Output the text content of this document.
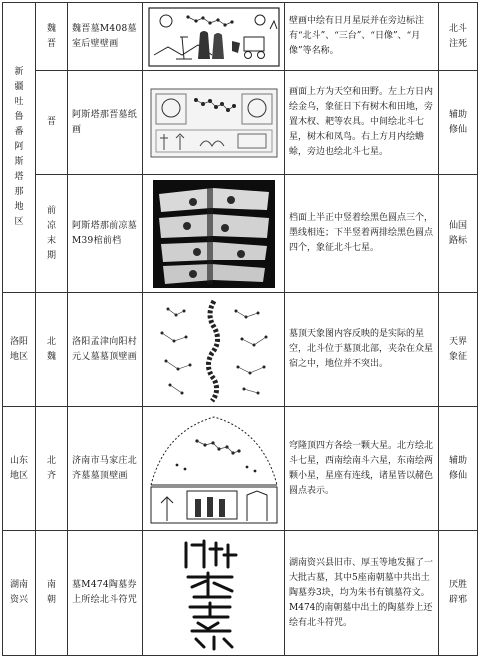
新疆吐鲁番阿斯塔那地区	魏晋	魏晋墓M408墓室后壁壁画		壁画中绘有日月星辰并在旁边标注有“北斗”、“三台”、“日像”、“月像”等名称。	北斗注死
	晋	阿斯塔那晋墓纸画		画面上方为天空和田野。左上方日内绘金乌，象征日下有树木和田地，旁置木杈、耙等农具。中间绘北斗七星，树木和凤鸟。右上方月内绘蟾蜍，旁边也绘北斗七星。	辅助修仙
	前凉末期	阿斯塔那前凉墓M39棺前档		档面上半正中竖着绘黑色圆点三个，墨线相连；下半竖着两排绘黑色圆点四个，象征北斗七星。	仙国路标
洛阳地区	北魏	洛阳孟津向阳村元乂墓墓顶壁画		墓顶天象图内容反映的是实际的星空，北斗位于墓顶北部，夹杂在众星宿之中，地位并不突出。	天界象征
山东地区	北齐	济南市马家庄北齐墓墓顶壁画		穹隆顶四方各绘一颗大星。北方绘北斗七星，西南绘南斗六星，东南绘两颗小星，星座有连线，诸星皆以赭色圆点表示。	辅助修仙
湖南资兴	南朝	墓M474陶墓券上所绘北斗符咒		湖南资兴县旧市、厚玉等地发掘了一大批古墓，其中5座南朝墓中共出土陶墓券3块，均为朱书有镇墓符文。M474的南朝墓中出土的陶墓券上还绘有北斗符咒。	厌胜辟邪
